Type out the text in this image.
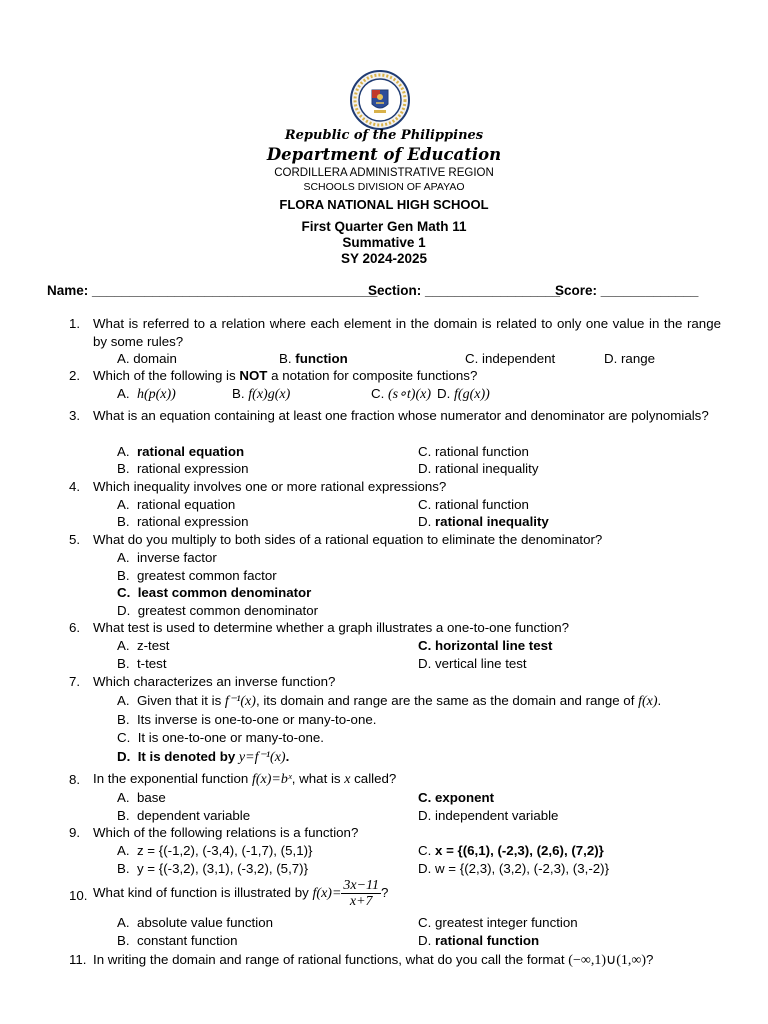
Republic of the Philippines
Department of Education
CORDILLERA ADMINISTRATIVE REGION
SCHOOLS DIVISION OF APAYAO
FLORA NATIONAL HIGH SCHOOL
First Quarter Gen Math 11
Summative 1
SY 2024-2025
Name: ______________________________________
Section: __________________
Score: _____________
1. What is referred to a relation where each element in the domain is related to only one value in the range by some rules?
A. domain	B. function	C. independent	D. range
2. Which of the following is NOT a notation for composite functions?
A. h(p(x))	B. f(x)g(x)	C. (s∘t)(x) D. f(g(x))
3. What is an equation containing at least one fraction whose numerator and denominator are polynomials?
A. rational equation
B. rational expression
C. rational function
D. rational inequality
4. Which inequality involves one or more rational expressions?
A. rational equation
B. rational expression
C. rational function
D. rational inequality
5. What do you multiply to both sides of a rational equation to eliminate the denominator?
A. inverse factor
B. greatest common factor
C. least common denominator
D. greatest common denominator
6. What test is used to determine whether a graph illustrates a one-to-one function?
A. z-test
B. t-test
C. horizontal line test
D. vertical line test
7. Which characterizes an inverse function?
A. Given that it is f⁻¹(x), its domain and range are the same as the domain and range of f(x).
B. Its inverse is one-to-one or many-to-one.
C. It is one-to-one or many-to-one.
D. It is denoted by y=f⁻¹(x).
8. In the exponential function f(x)=bˣ, what is x called?
A. base
B. dependent variable
C. exponent
D. independent variable
9. Which of the following relations is a function?
A. z = {(-1,2), (-3,4), (-1,7), (5,1)}
B. y = {(-3,2), (3,1), (-3,2), (5,7)}
C. x = {(6,1), (-2,3), (2,6), (7,2)}
D. w = {(2,3), (3,2), (-2,3), (3,-2)}
10. What kind of function is illustrated by $f(x)= \frac{3x-11}{x+7}$ ?
A. absolute value function
B. constant function
C. greatest integer function
D. rational function
11. In writing the domain and range of rational functions, what do you call the format (−∞,1)∪(1,∞)?
